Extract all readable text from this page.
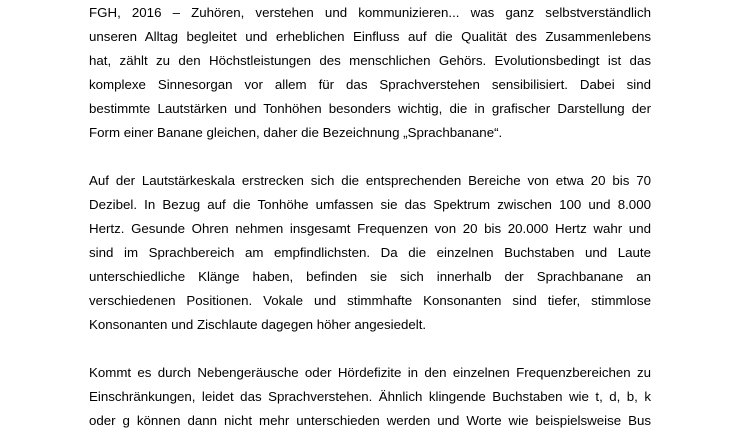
FGH, 2016 – Zuhören, verstehen und kommunizieren... was ganz selbstverständlich
unseren Alltag begleitet und erheblichen Einfluss auf die Qualität des Zusammenlebens
hat, zählt zu den Höchstleistungen des menschlichen Gehörs. Evolutionsbedingt ist das
komplexe Sinnesorgan vor allem für das Sprachverstehen sensibilisiert. Dabei sind
bestimmte Lautstärken und Tonhöhen besonders wichtig, die in grafischer Darstellung der
Form einer Banane gleichen, daher die Bezeichnung „Sprachbanane“.
Auf der Lautstärkeskala erstrecken sich die entsprechenden Bereiche von etwa 20 bis 70
Dezibel. In Bezug auf die Tonhöhe umfassen sie das Spektrum zwischen 100 und 8.000
Hertz. Gesunde Ohren nehmen insgesamt Frequenzen von 20 bis 20.000 Hertz wahr und
sind im Sprachbereich am empfindlichsten. Da die einzelnen Buchstaben und Laute
unterschiedliche Klänge haben, befinden sie sich innerhalb der Sprachbanane an
verschiedenen Positionen. Vokale und stimmhafte Konsonanten sind tiefer, stimmlose
Konsonanten und Zischlaute dagegen höher angesiedelt.
Kommt es durch Nebengeräusche oder Hördefizite in den einzelnen Frequenzbereichen zu
Einschränkungen, leidet das Sprachverstehen. Ähnlich klingende Buchstaben wie t, d, b, k
oder g können dann nicht mehr unterschieden werden und Worte wie beispielsweise Bus
